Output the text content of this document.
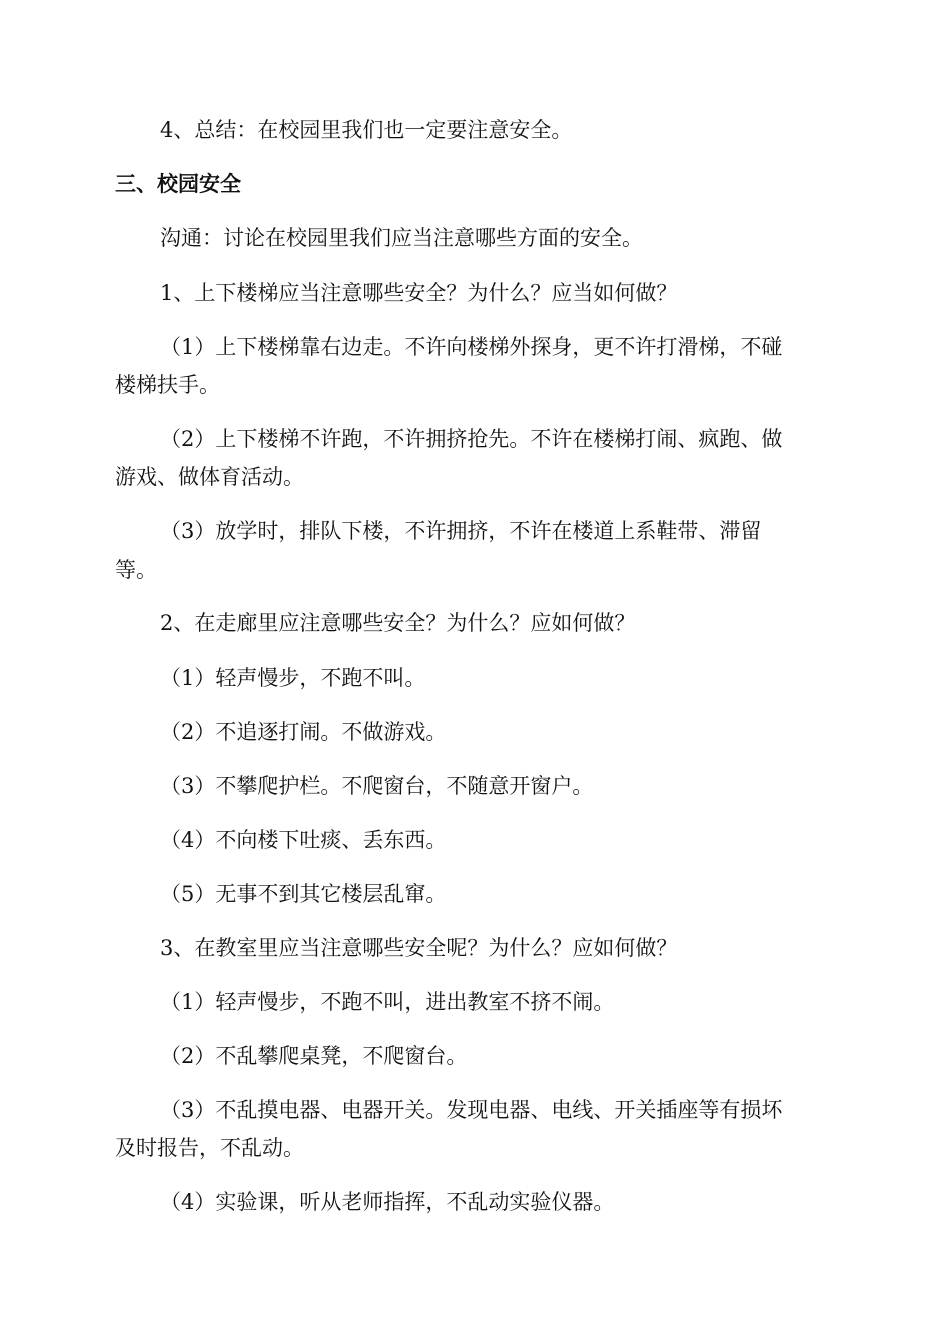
4、总结：在校园里我们也一定要注意安全。
三、校园安全
沟通：讨论在校园里我们应当注意哪些方面的安全。
1、上下楼梯应当注意哪些安全？为什么？应当如何做？
（1）上下楼梯靠右边走。不许向楼梯外探身，更不许打滑梯，不碰
楼梯扶手。
（2）上下楼梯不许跑，不许拥挤抢先。不许在楼梯打闹、疯跑、做
游戏、做体育活动。
（3）放学时，排队下楼，不许拥挤，不许在楼道上系鞋带、滞留
等。
2、在走廊里应注意哪些安全？为什么？应如何做？
（1）轻声慢步，不跑不叫。
（2）不追逐打闹。不做游戏。
（3）不攀爬护栏。不爬窗台，不随意开窗户。
（4）不向楼下吐痰、丢东西。
（5）无事不到其它楼层乱窜。
3、在教室里应当注意哪些安全呢？为什么？应如何做？
（1）轻声慢步，不跑不叫，进出教室不挤不闹。
（2）不乱攀爬桌凳，不爬窗台。
（3）不乱摸电器、电器开关。发现电器、电线、开关插座等有损坏
及时报告，不乱动。
（4）实验课，听从老师指挥，不乱动实验仪器。
